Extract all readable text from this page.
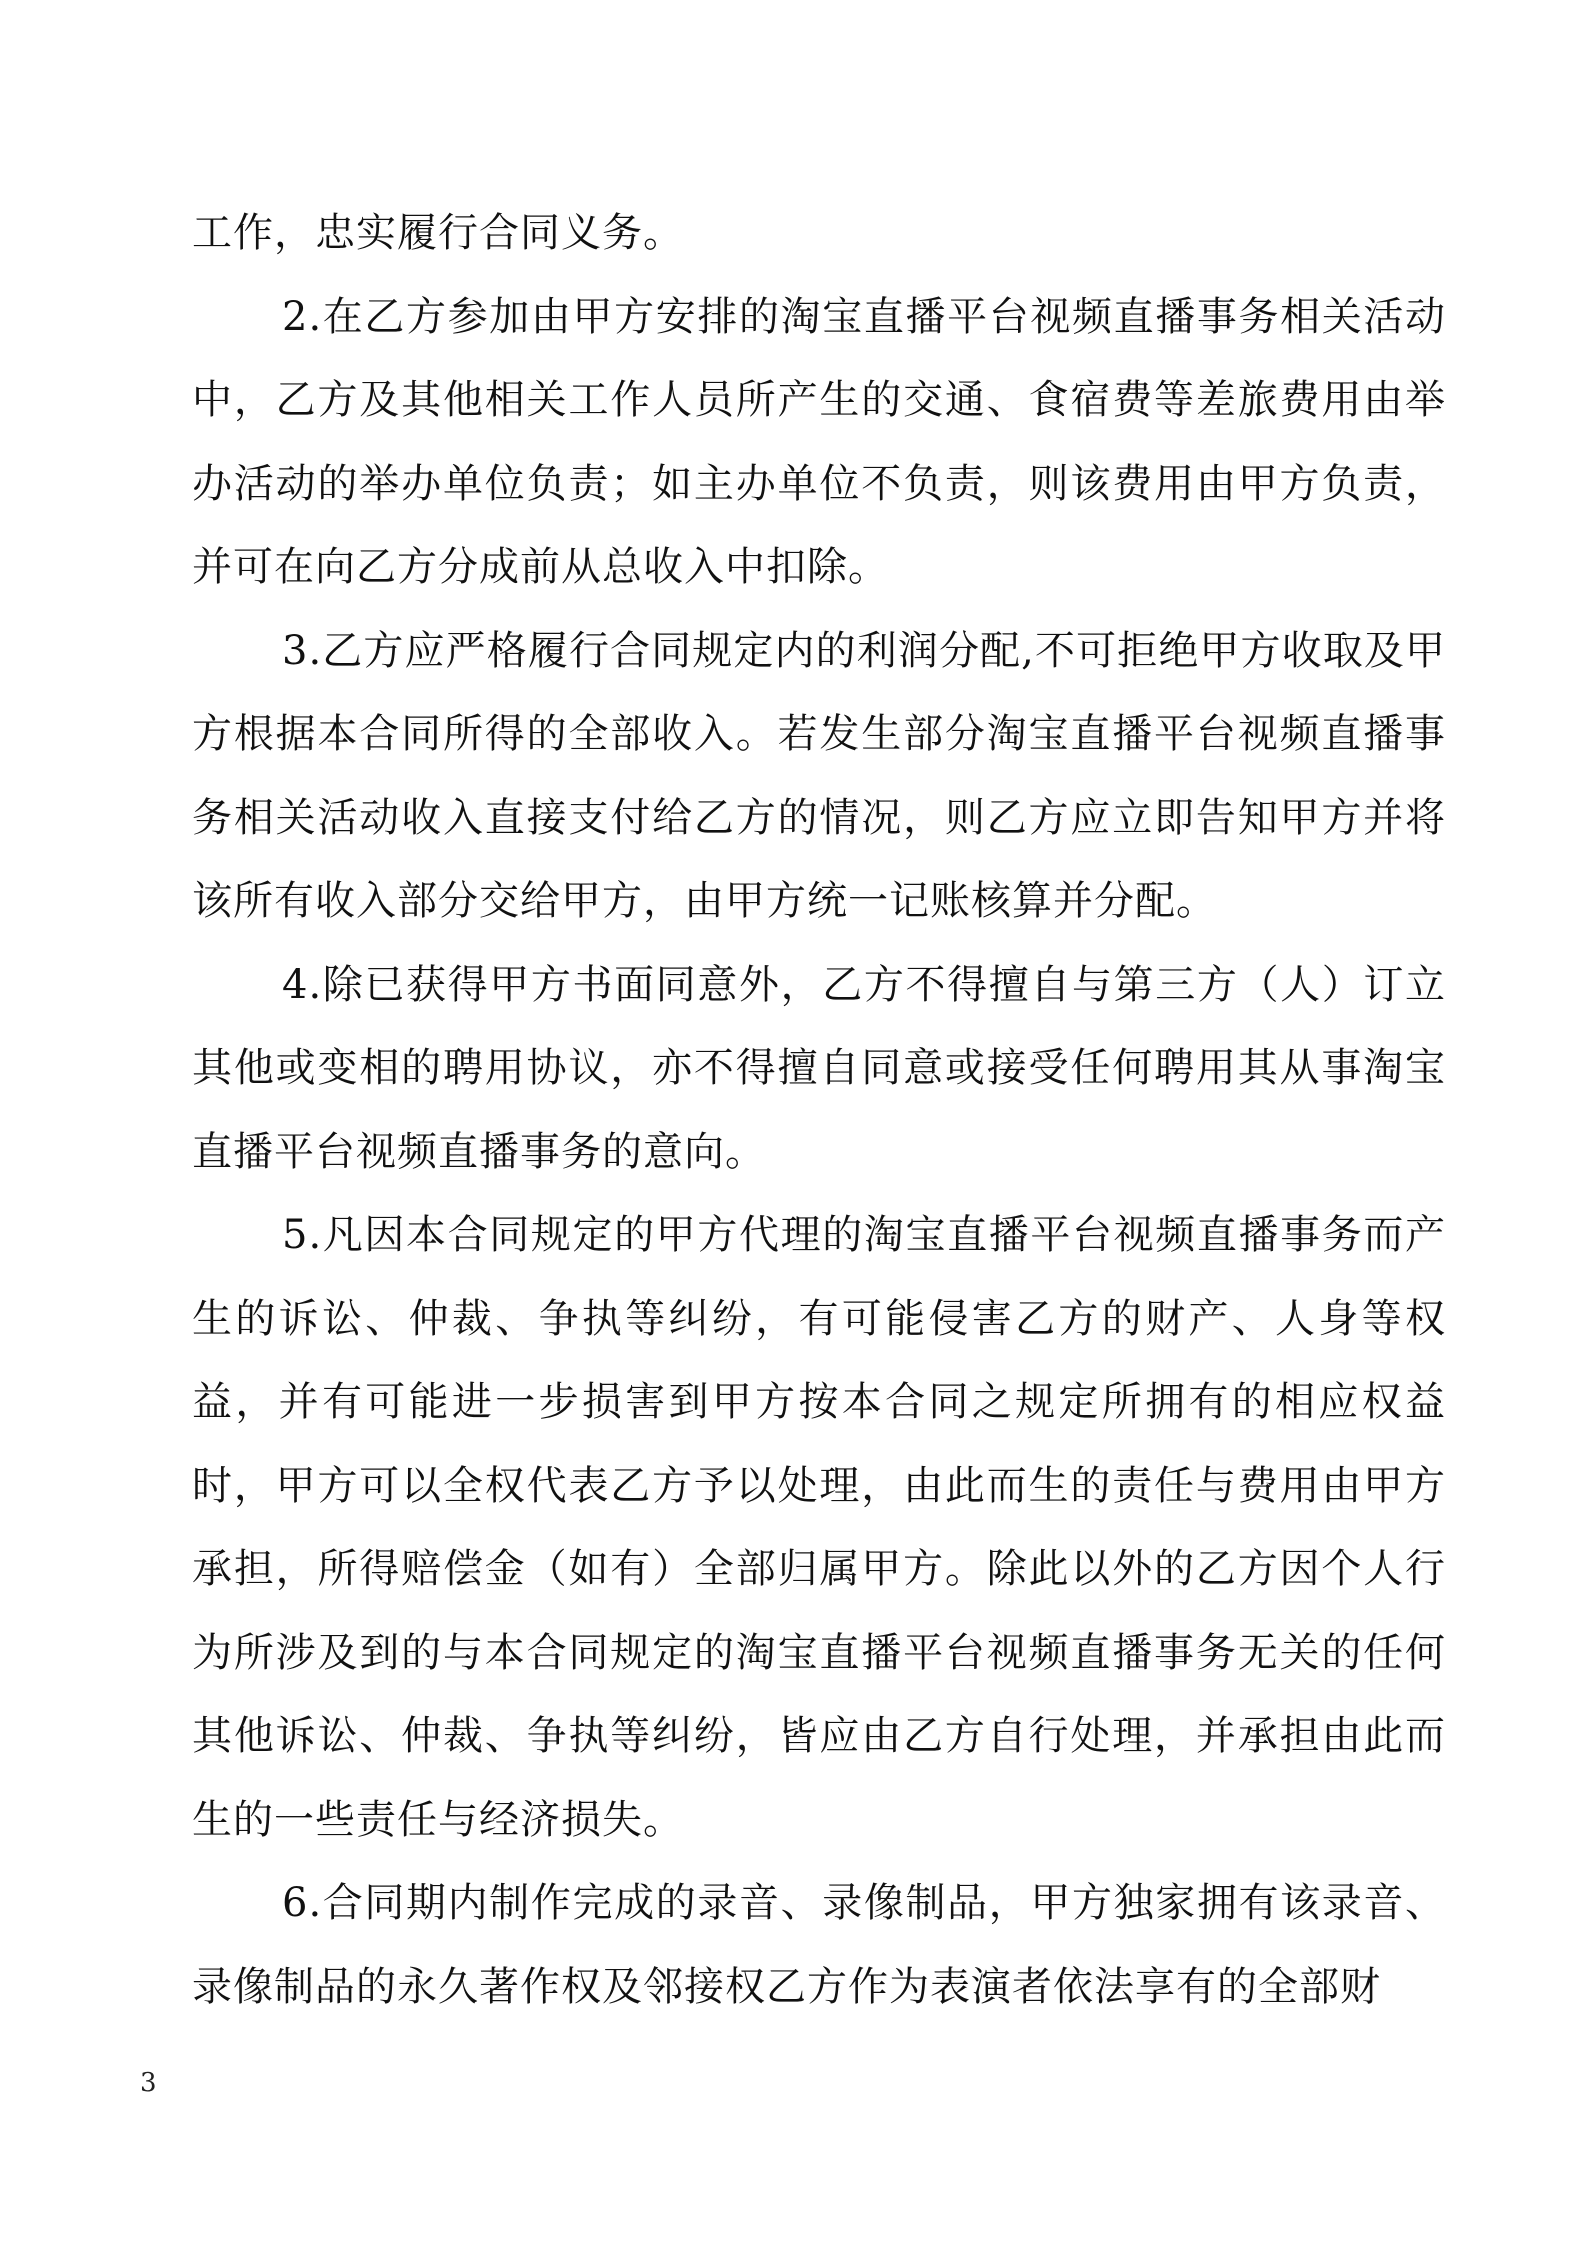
工作，忠实履行合同义务。

2.在乙方参加由甲方安排的淘宝直播平台视频直播事务相关活动中，乙方及其他相关工作人员所产生的交通、食宿费等差旅费用由举办活动的举办单位负责；如主办单位不负责，则该费用由甲方负责，并可在向乙方分成前从总收入中扣除。

3.乙方应严格履行合同规定内的利润分配,不可拒绝甲方收取及甲方根据本合同所得的全部收入。若发生部分淘宝直播平台视频直播事务相关活动收入直接支付给乙方的情况，则乙方应立即告知甲方并将该所有收入部分交给甲方，由甲方统一记账核算并分配。

4.除已获得甲方书面同意外，乙方不得擅自与第三方（人）订立其他或变相的聘用协议，亦不得擅自同意或接受任何聘用其从事淘宝直播平台视频直播事务的意向。

5.凡因本合同规定的甲方代理的淘宝直播平台视频直播事务而产生的诉讼、仲裁、争执等纠纷，有可能侵害乙方的财产、人身等权益，并有可能进一步损害到甲方按本合同之规定所拥有的相应权益时，甲方可以全权代表乙方予以处理，由此而生的责任与费用由甲方承担，所得赔偿金（如有）全部归属甲方。除此以外的乙方因个人行为所涉及到的与本合同规定的淘宝直播平台视频直播事务无关的任何其他诉讼、仲裁、争执等纠纷，皆应由乙方自行处理，并承担由此而生的一些责任与经济损失。

6.合同期内制作完成的录音、录像制品，甲方独家拥有该录音、录像制品的永久著作权及邻接权乙方作为表演者依法享有的全部财

3
